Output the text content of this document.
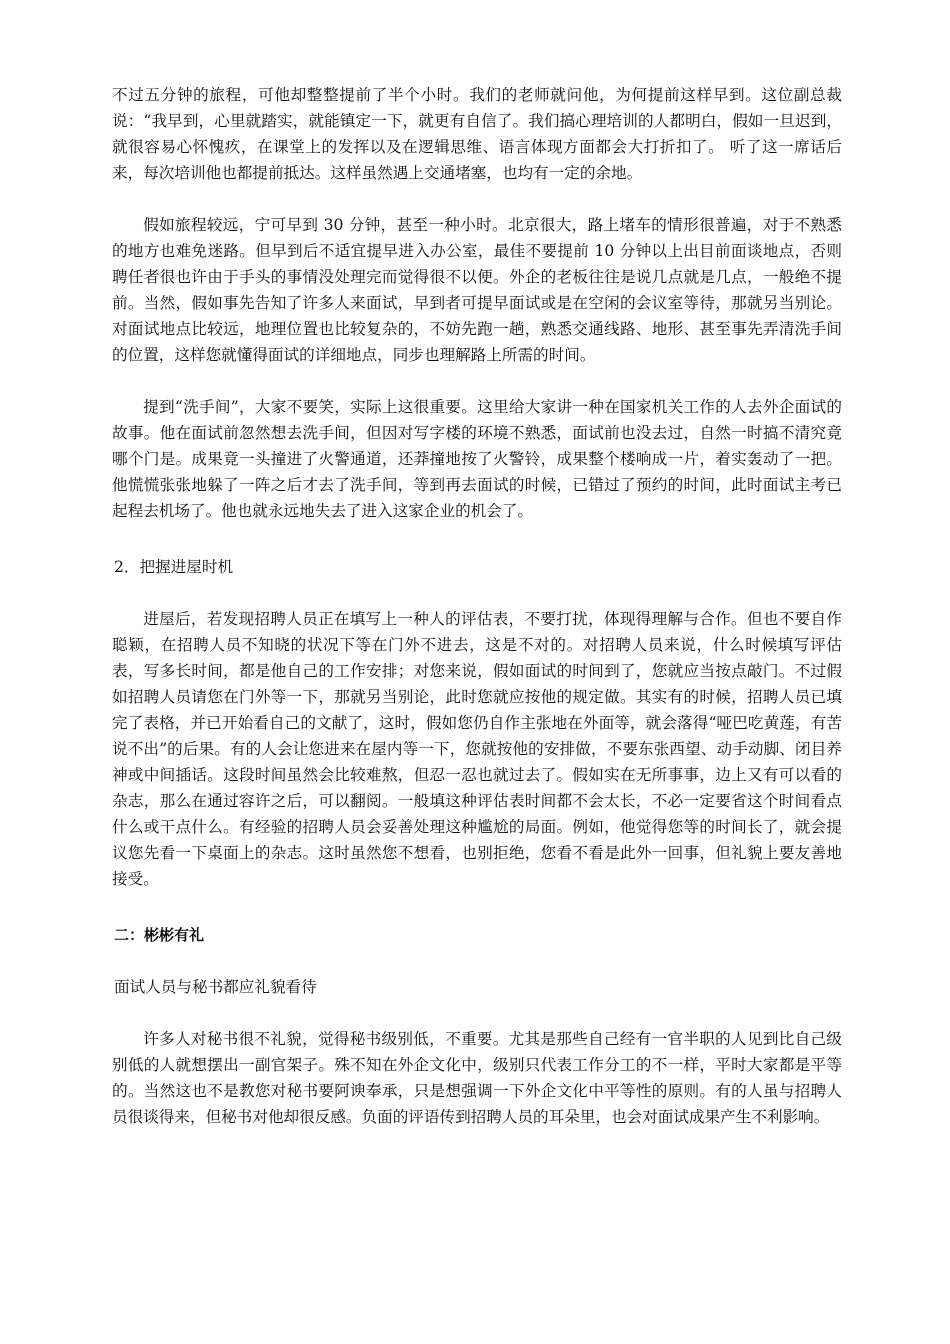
不过五分钟的旅程，可他却整整提前了半个小时。我们的老师就问他，为何提前这样早到。这位副总裁说：“我早到，心里就踏实，就能镇定一下，就更有自信了。我们搞心理培训的人都明白，假如一旦迟到，就很容易心怀愧疚，在课堂上的发挥以及在逻辑思维、语言体现方面都会大打折扣了。 听了这一席话后来，每次培训他也都提前抵达。这样虽然遇上交通堵塞，也均有一定的余地。

假如旅程较远，宁可早到 30 分钟，甚至一种小时。北京很大，路上堵车的情形很普遍，对于不熟悉的地方也难免迷路。但早到后不适宜提早进入办公室，最佳不要提前 10 分钟以上出目前面谈地点，否则聘任者很也许由于手头的事情没处理完而觉得很不以便。外企的老板往往是说几点就是几点，一般绝不提前。当然，假如事先告知了许多人来面试，早到者可提早面试或是在空闲的会议室等待，那就另当别论。对面试地点比较远，地理位置也比较复杂的，不妨先跑一趟，熟悉交通线路、地形、甚至事先弄清洗手间的位置，这样您就懂得面试的详细地点，同步也理解路上所需的时间。

提到“洗手间”，大家不要笑，实际上这很重要。这里给大家讲一种在国家机关工作的人去外企面试的故事。他在面试前忽然想去洗手间，但因对写字楼的环境不熟悉，面试前也没去过，自然一时搞不清究竟哪个门是。成果竟一头撞进了火警通道，还莽撞地按了火警铃，成果整个楼响成一片，着实轰动了一把。他慌慌张张地躲了一阵之后才去了洗手间，等到再去面试的时候，已错过了预约的时间，此时面试主考已起程去机场了。他也就永远地失去了进入这家企业的机会了。

2．把握进屋时机

进屋后，若发现招聘人员正在填写上一种人的评估表，不要打扰，体现得理解与合作。但也不要自作聪颖，在招聘人员不知晓的状况下等在门外不进去，这是不对的。对招聘人员来说，什么时候填写评估表，写多长时间，都是他自己的工作安排；对您来说，假如面试的时间到了，您就应当按点敲门。不过假如招聘人员请您在门外等一下，那就另当别论，此时您就应按他的规定做。其实有的时候，招聘人员已填完了表格，并已开始看自己的文献了，这时，假如您仍自作主张地在外面等，就会落得“哑巴吃黄莲，有苦说不出”的后果。有的人会让您进来在屋内等一下，您就按他的安排做，不要东张西望、动手动脚、闭目养神或中间插话。这段时间虽然会比较难熬，但忍一忍也就过去了。假如实在无所事事，边上又有可以看的杂志，那么在通过容许之后，可以翻阅。一般填这种评估表时间都不会太长，不必一定要省这个时间看点什么或干点什么。有经验的招聘人员会妥善处理这种尴尬的局面。例如，他觉得您等的时间长了，就会提议您先看一下桌面上的杂志。这时虽然您不想看，也别拒绝，您看不看是此外一回事，但礼貌上要友善地接受。

二：彬彬有礼

面试人员与秘书都应礼貌看待

许多人对秘书很不礼貌，觉得秘书级别低，不重要。尤其是那些自己经有一官半职的人见到比自己级别低的人就想摆出一副官架子。殊不知在外企文化中，级别只代表工作分工的不一样，平时大家都是平等的。当然这也不是教您对秘书要阿谀奉承，只是想强调一下外企文化中平等性的原则。有的人虽与招聘人员很谈得来，但秘书对他却很反感。负面的评语传到招聘人员的耳朵里，也会对面试成果产生不利影响。
